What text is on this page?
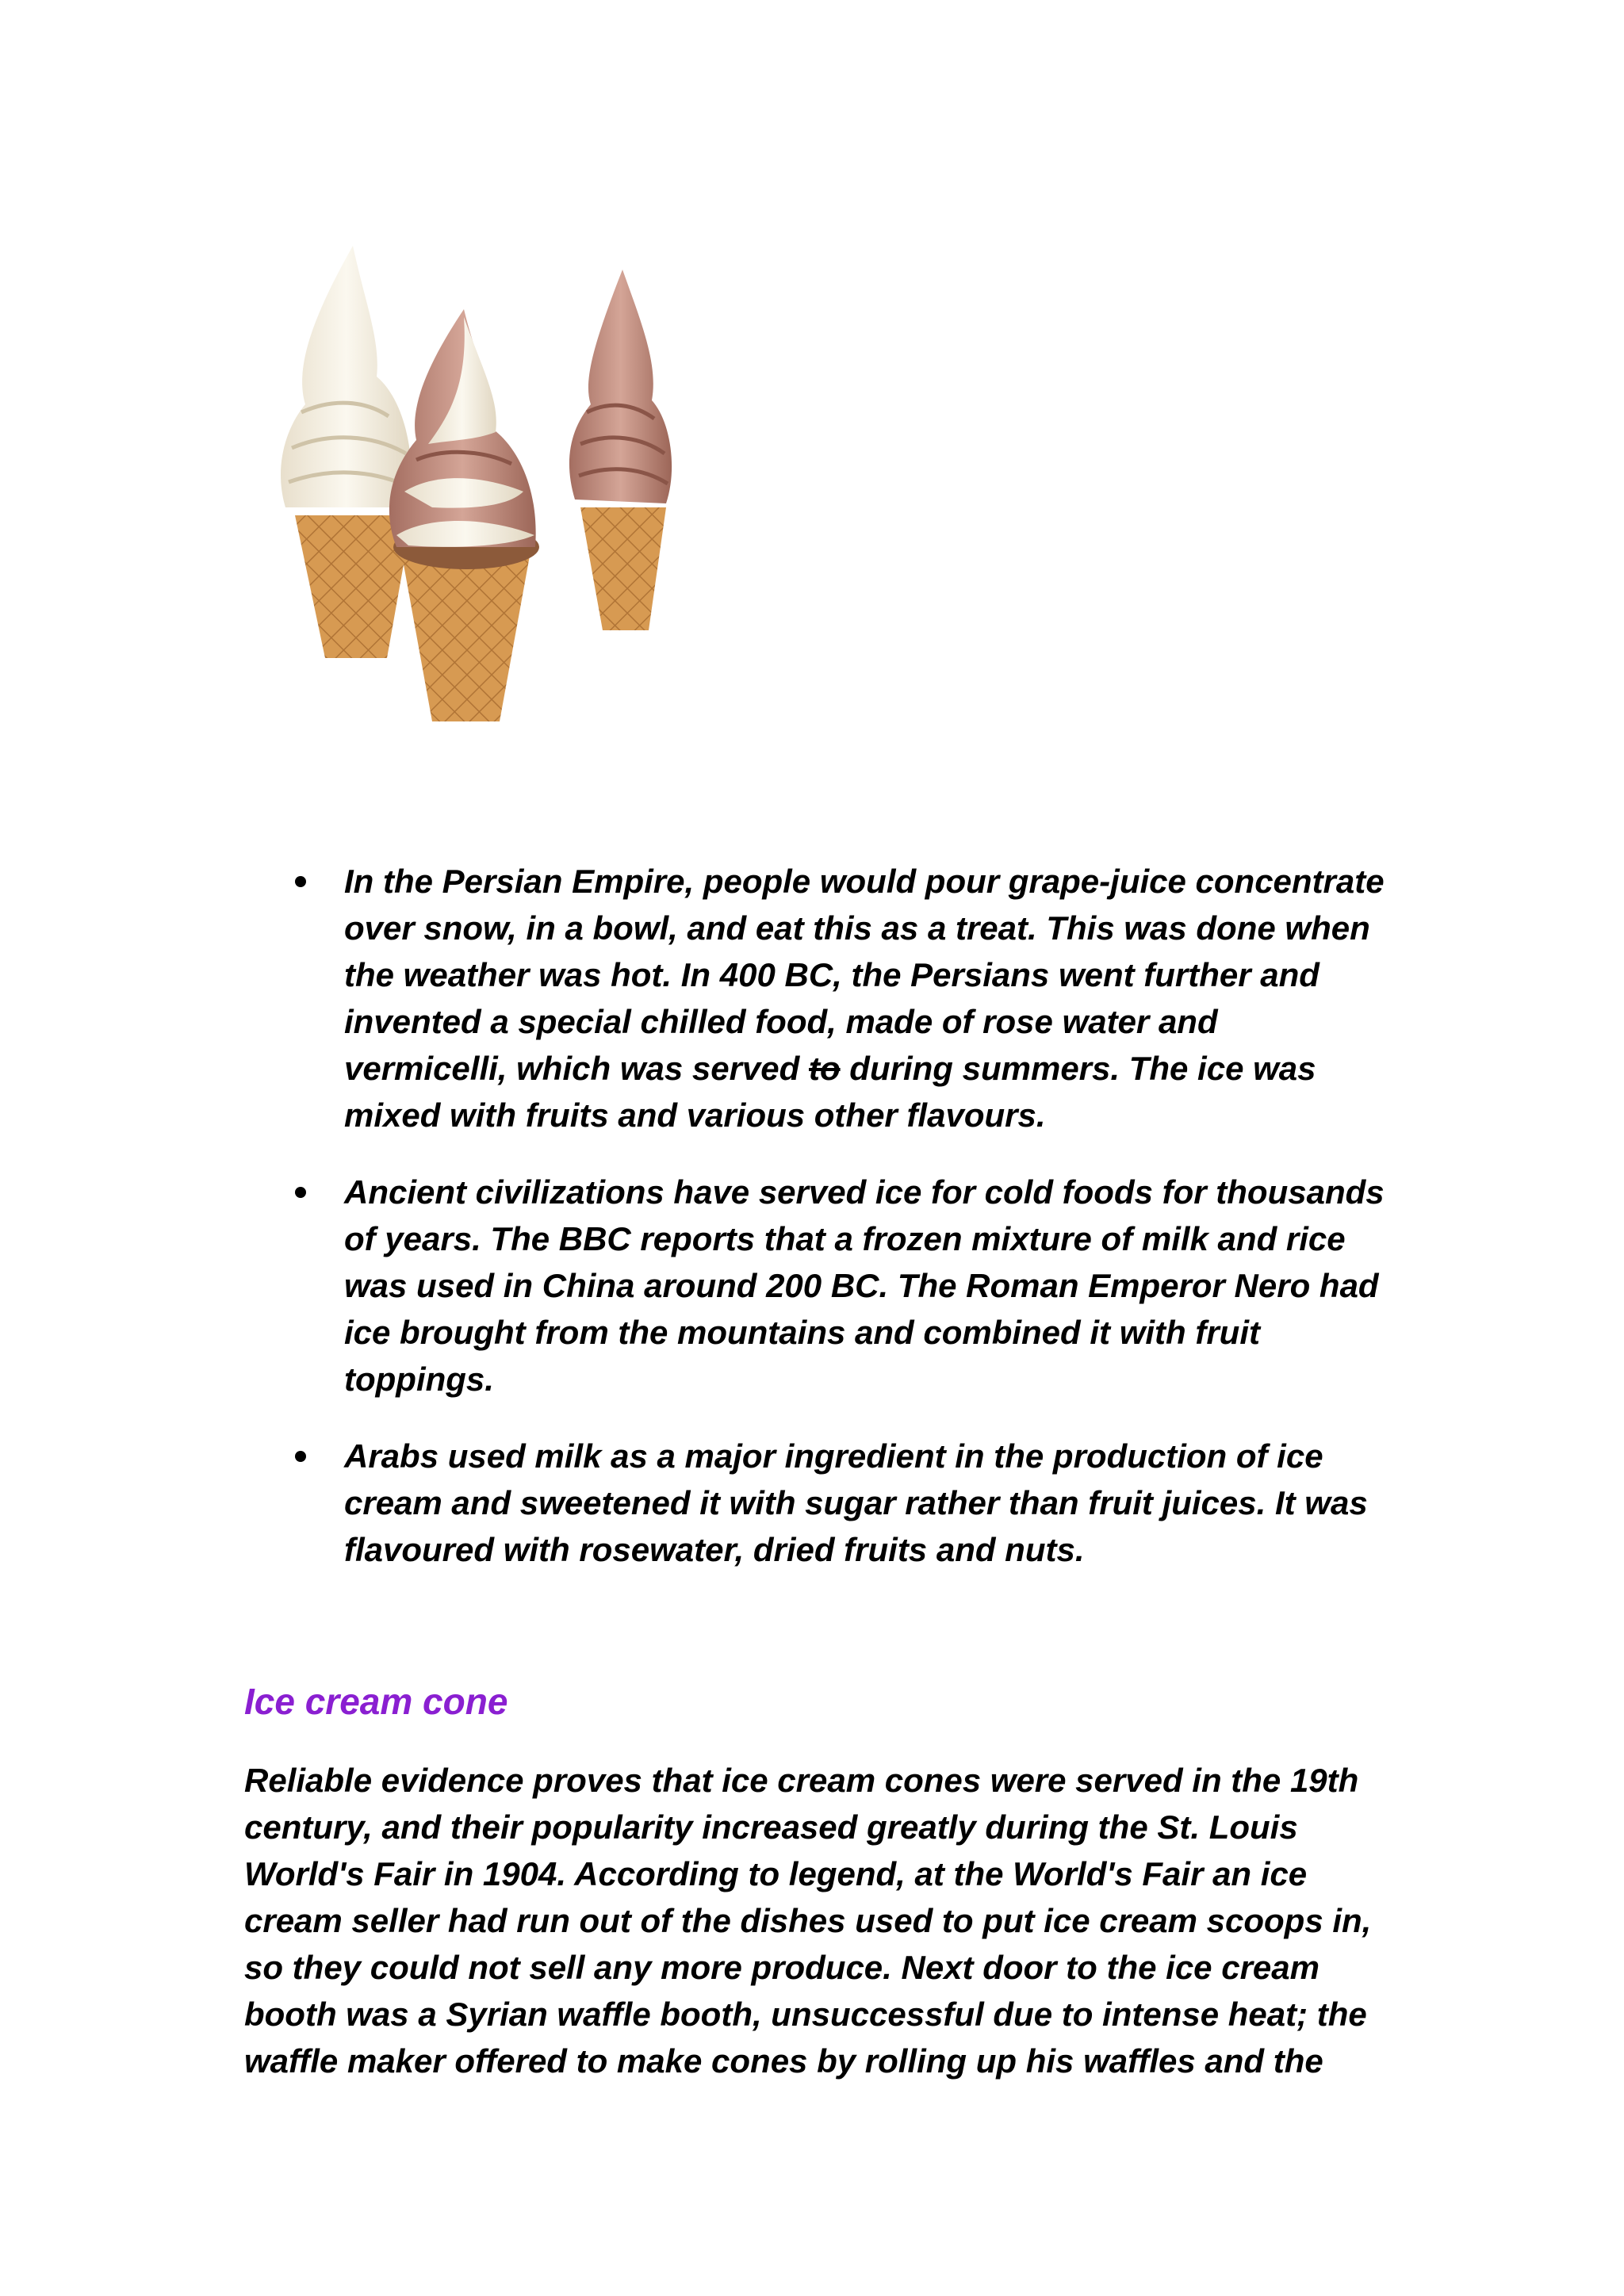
In the Persian Empire, people would pour grape-juice concentrate over snow, in a bowl, and eat this as a treat. This was done when the weather was hot. In 400 BC, the Persians went further and invented a special chilled food, made of rose water and vermicelli, which was served to during summers. The ice was mixed with fruits and various other flavours.
Ancient civilizations have served ice for cold foods for thousands of years. The BBC reports that a frozen mixture of milk and rice was used in China around 200 BC. The Roman Emperor Nero had ice brought from the mountains and combined it with fruit toppings.
Arabs used milk as a major ingredient in the production of ice cream and sweetened it with sugar rather than fruit juices. It was flavoured with rosewater, dried fruits and nuts.
Ice cream cone

Reliable evidence proves that ice cream cones were served in the 19th
century, and their popularity increased greatly during the St. Louis
World's Fair in 1904. According to legend, at the World's Fair an ice
cream seller had run out of the dishes used to put ice cream scoops in,
so they could not sell any more produce. Next door to the ice cream
booth was a Syrian waffle booth, unsuccessful due to intense heat; the
waffle maker offered to make cones by rolling up his waffles and the
